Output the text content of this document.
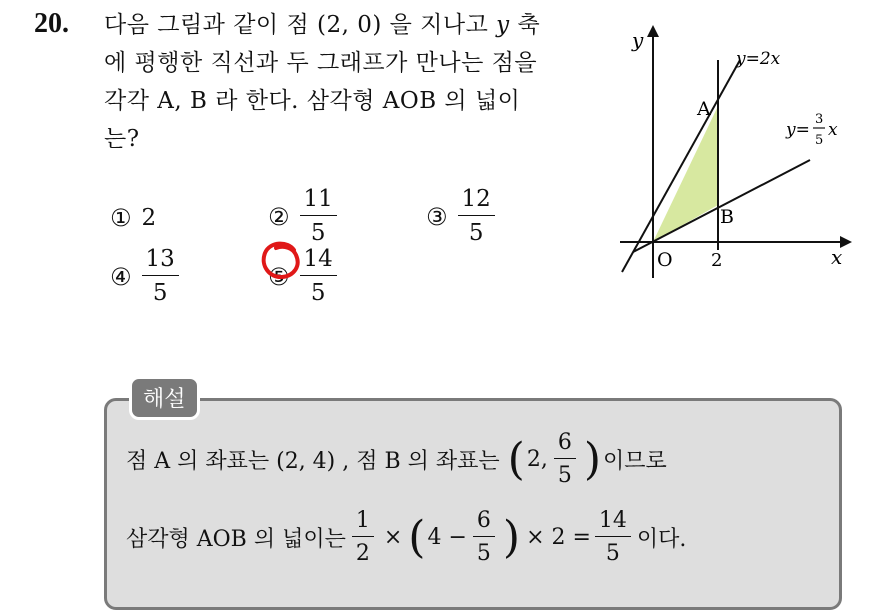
20. 다음 그림과 같이 점 (2, 0) 을 지나고 y 축
에 평행한 직선과 두 그래프가 만나는 점을
각각 A, B 라 한다. 삼각형 AOB 의 넓이
는?
① 2	② $\frac{11}{5}$	③ $\frac{12}{5}$
④ $\frac{13}{5}$	⑤ $\frac{14}{5}$
y
x
O 2
A
B
y=2x
y=
3
5
x
해설
점 A 의 좌표는 (2, 4) , 점 B 의 좌표는 ( 2, $\frac{6}{5}$ ) 이므로
삼각형 AOB 의 넓이는 $\frac{1}{2}$ × ( $4 - \frac{6}{5}$ ) × $2 = \frac{14}{5}$ 이다.
